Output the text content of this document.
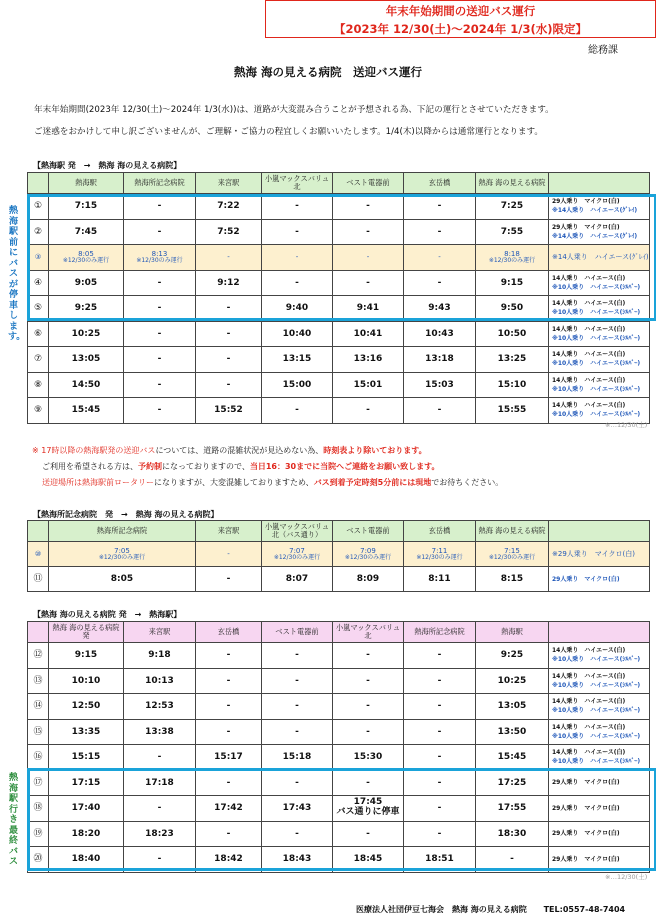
年末年始期間の送迎バス運行
【2023年 12/30(土)〜2024年 1/3(水)限定】
総務課
熱海 海の見える病院　送迎バス運行
年末年始期間(2023年 12/30(土)〜2024年 1/3(水))は、道路が大変混み合うことが予想される為、下記の運行とさせていただきます。
ご迷惑をおかけして申し訳ございませんが、ご理解・ご協力の程宜しくお願いいたします。1/4(木)以降からは通常運行となります。
【熱海駅 発　→　熱海 海の見える病院】
	熱海駅	熱海所記念病院	来宮駅	小嵐マックスバリュ北	ベスト電器前	玄岳橋	熱海 海の見える病院	
①	7:15	-	7:22	-	-	-	7:25	29人乗り　マイクロ(白)
※14人乗り　ハイエース(ｸﾞﾚｲ)

②	7:45	-	7:52	-	-	-	7:55	29人乗り　マイクロ(白)
※14人乗り　ハイエース(ｸﾞﾚｲ)

③	8:05
※12/30のみ運行	8:13
※12/30のみ運行	-	-	-	-	8:18
※12/30のみ運行	※14人乗り　ハイエース(ｸﾞﾚｲ)

④	9:05	-	9:12	-	-	-	9:15	14人乗り　ハイエース(白)
※10人乗り　ハイエース(ｼﾙﾊﾞｰ)

⑤	9:25	-	-	9:40	9:41	9:43	9:50	14人乗り　ハイエース(白)
※10人乗り　ハイエース(ｼﾙﾊﾞｰ)

⑥	10:25	-	-	10:40	10:41	10:43	10:50	14人乗り　ハイエース(白)
※10人乗り　ハイエース(ｼﾙﾊﾞｰ)

⑦	13:05	-	-	13:15	13:16	13:18	13:25	14人乗り　ハイエース(白)
※10人乗り　ハイエース(ｼﾙﾊﾞｰ)

⑧	14:50	-	-	15:00	15:01	15:03	15:10	14人乗り　ハイエース(白)
※10人乗り　ハイエース(ｼﾙﾊﾞｰ)

⑨	15:45	-	15:52	-	-	-	15:55	14人乗り　ハイエース(白)
※10人乗り　ハイエース(ｼﾙﾊﾞｰ)
熱海駅前にバスが停車します。
※…12/30(土)
※ 17時以降の熱海駅発の送迎バスについては、道路の混雑状況が見込めない為、時刻表より除いております。
ご利用を希望される方は、予約制になっておりますので、当日16：30までに当院へご連絡をお願い致します。
送迎場所は熱海駅前ロータリーになりますが、大変混雑しておりますため、バス到着予定時刻5分前には現地でお待ちください。
【熱海所記念病院　発　→　熱海 海の見える病院】
	熱海所記念病院	来宮駅	小嵐マックスバリュ北（バス通り）	ベスト電器前	玄岳橋	熱海 海の見える病院	
⑩	7:05
※12/30のみ運行	-	7:07
※12/30のみ運行	7:09
※12/30のみ運行	7:11
※12/30のみ運行	7:15
※12/30のみ運行	※29人乗り　マイクロ(白)

⑪	8:05	-	8:07	8:09	8:11	8:15	29人乗り　マイクロ(白)
【熱海 海の見える病院 発　→　熱海駅】
	熱海 海の見える病院 発	来宮駅	玄岳橋	ベスト電器前	小嵐マックスバリュ北	熱海所記念病院	熱海駅	
⑫	9:15	9:18	-	-	-	-	9:25	14人乗り　ハイエース(白)
※10人乗り　ハイエース(ｼﾙﾊﾞｰ)

⑬	10:10	10:13	-	-	-	-	10:25	14人乗り　ハイエース(白)
※10人乗り　ハイエース(ｼﾙﾊﾞｰ)

⑭	12:50	12:53	-	-	-	-	13:05	14人乗り　ハイエース(白)
※10人乗り　ハイエース(ｼﾙﾊﾞｰ)

⑮	13:35	13:38	-	-	-	-	13:50	14人乗り　ハイエース(白)
※10人乗り　ハイエース(ｼﾙﾊﾞｰ)

⑯	15:15	-	15:17	15:18	15:30	-	15:45	14人乗り　ハイエース(白)
※10人乗り　ハイエース(ｼﾙﾊﾞｰ)

⑰	17:15	17:18	-	-	-	-	17:25	29人乗り　マイクロ(白)

⑱	17:40	-	17:42	17:43	17:45
バス通りに停車	-	17:55	29人乗り　マイクロ(白)

⑲	18:20	18:23	-	-	-	-	18:30	29人乗り　マイクロ(白)

⑳	18:40	-	18:42	18:43	18:45	18:51	-	29人乗り　マイクロ(白)
熱海駅行き最終バス
※…12/30(土)
医療法人社団伊豆七海会　熱海 海の見える病院 TEL:0557-48-7404
